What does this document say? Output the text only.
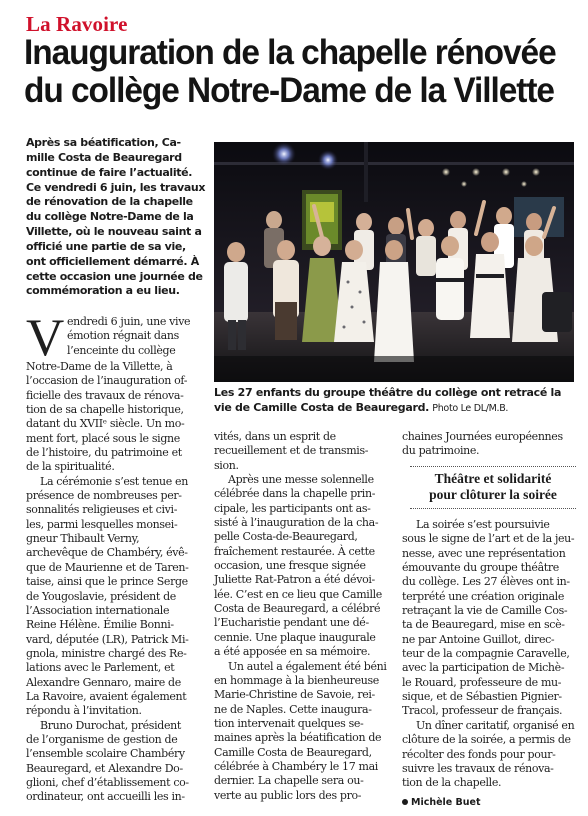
La Ravoire
Inauguration de la chapelle rénovée
du collège Notre-Dame de la Villette
Après sa béatification, Ca-
mille Costa de Beauregard
continue de faire l’actualité.
Ce vendredi 6 juin, les travaux
de rénovation de la chapelle
du collège Notre-Dame de la
Villette, où le nouveau saint a
officié une partie de sa vie,
ont officiellement démarré. À
cette occasion une journée de
commémoration a eu lieu.
Les 27 enfants du groupe théâtre du collège ont retracé la vie de Camille Costa de Beauregard. Photo Le DL/M.B.
V endredi 6 juin, une vive
émotion régnait dans
l’enceinte du collège
Notre-Dame de la Villette, à
l’occasion de l’inauguration of-
ficielle des travaux de rénova-
tion de sa chapelle historique,
datant du XVIIᵉ siècle. Un mo-
ment fort, placé sous le signe
de l’histoire, du patrimoine et
de la spiritualité.
La cérémonie s’est tenue en
présence de nombreuses per-
sonnalités religieuses et civi-
les, parmi lesquelles monsei-
gneur Thibault Verny,
archevêque de Chambéry, évê-
que de Maurienne et de Taren-
taise, ainsi que le prince Serge
de Yougoslavie, président de
l’Association internationale
Reine Hélène. Émilie Bonni-
vard, députée (LR), Patrick Mi-
gnola, ministre chargé des Re-
lations avec le Parlement, et
Alexandre Gennaro, maire de
La Ravoire, avaient également
répondu à l’invitation.
Bruno Durochat, président
de l’organisme de gestion de
l’ensemble scolaire Chambéry
Beauregard, et Alexandre Do-
glioni, chef d’établissement co-
ordinateur, ont accueilli les in-
vités, dans un esprit de
recueillement et de transmis-
sion.
Après une messe solennelle
célébrée dans la chapelle prin-
cipale, les participants ont as-
sisté à l’inauguration de la cha-
pelle Costa-de-Beauregard,
fraîchement restaurée. À cette
occasion, une fresque signée
Juliette Rat-Patron a été dévoi-
lée. C’est en ce lieu que Camille
Costa de Beauregard, a célébré
l’Eucharistie pendant une dé-
cennie. Une plaque inaugurale
a été apposée en sa mémoire.
Un autel a également été béni
en hommage à la bienheureuse
Marie-Christine de Savoie, rei-
ne de Naples. Cette inaugura-
tion intervenait quelques se-
maines après la béatification de
Camille Costa de Beauregard,
célébrée à Chambéry le 17 mai
dernier. La chapelle sera ou-
verte au public lors des pro-
chaines Journées européennes
du patrimoine.
Théâtre et solidarité
pour clôturer la soirée
La soirée s’est poursuivie
sous le signe de l’art et de la jeu-
nesse, avec une représentation
émouvante du groupe théâtre
du collège. Les 27 élèves ont in-
terprété une création originale
retraçant la vie de Camille Cos-
ta de Beauregard, mise en scè-
ne par Antoine Guillot, direc-
teur de la compagnie Caravelle,
avec la participation de Michè-
le Rouard, professeure de mu-
sique, et de Sébastien Pignier-
Tracol, professeur de français.
Un dîner caritatif, organisé en
clôture de la soirée, a permis de
récolter des fonds pour pour-
suivre les travaux de rénova-
tion de la chapelle.
Michèle Buet
